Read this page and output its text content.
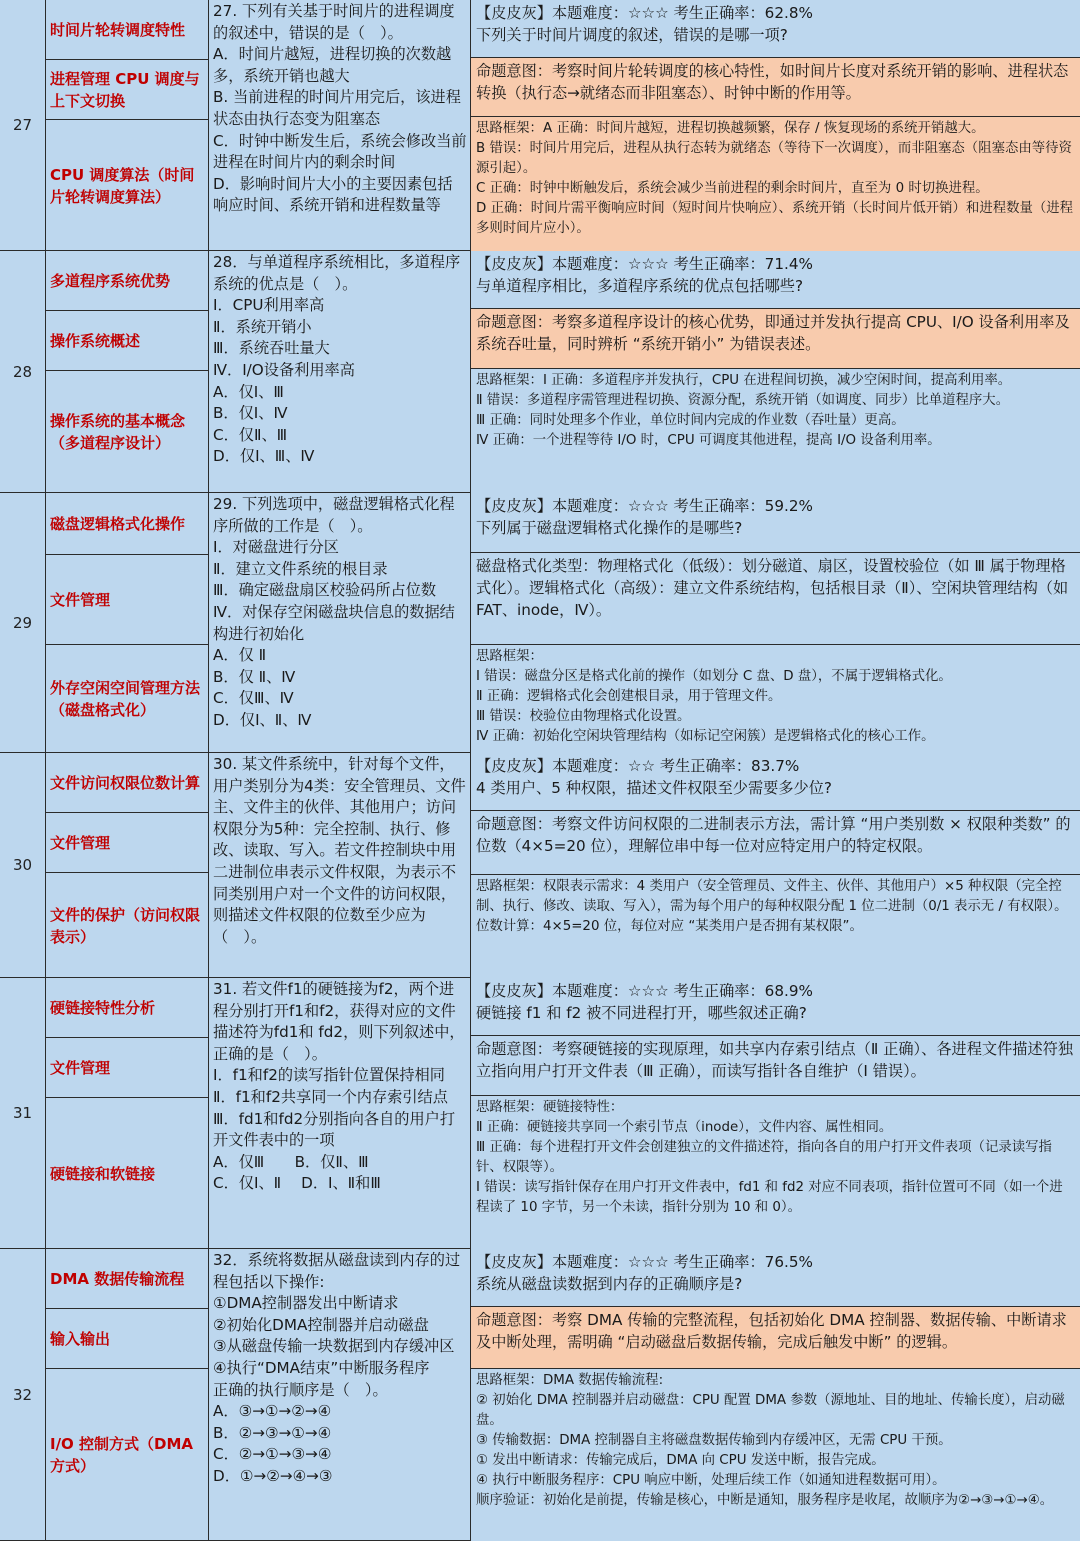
27
时间片轮转调度特性
进程管理 CPU 调度与上下文切换
CPU 调度算法（时间片轮转调度算法）
27. 下列有关基于时间片的进程调度的叙述中，错误的是（　）。
A．时间片越短，进程切换的次数越多，系统开销也越大
B. 当前进程的时间片用完后，该进程状态由执行态变为阻塞态
C．时钟中断发生后，系统会修改当前进程在时间片内的剩余时间
D．影响时间片大小的主要因素包括响应时间、系统开销和进程数量等
【皮皮灰】本题难度：☆☆☆ 考生正确率：62.8%
下列关于时间片调度的叙述，错误的是哪一项?
命题意图：考察时间片轮转调度的核心特性，如时间片长度对系统开销的影响、进程状态转换（执行态→就绪态而非阻塞态）、时钟中断的作用等。
思路框架：A 正确：时间片越短，进程切换越频繁，保存 / 恢复现场的系统开销越大。
B 错误：时间片用完后，进程从执行态转为就绪态（等待下一次调度），而非阻塞态（阻塞态由等待资源引起）。
C 正确：时钟中断触发后，系统会减少当前进程的剩余时间片，直至为 0 时切换进程。
D 正确：时间片需平衡响应时间（短时间片快响应）、系统开销（长时间片低开销）和进程数量（进程多则时间片应小）。
28
多道程序系统优势
操作系统概述
操作系统的基本概念（多道程序设计）
28．与单道程序系统相比，多道程序系统的优点是（　）。
Ⅰ．CPU利用率高
Ⅱ．系统开销小
Ⅲ．系统吞吐量大
Ⅳ．I/O设备利用率高
A．仅Ⅰ、Ⅲ
B．仅Ⅰ、Ⅳ
C．仅Ⅱ、Ⅲ
D．仅Ⅰ、Ⅲ、Ⅳ
【皮皮灰】本题难度：☆☆☆ 考生正确率：71.4%
与单道程序相比，多道程序系统的优点包括哪些?
命题意图：考察多道程序设计的核心优势，即通过并发执行提高 CPU、I/O 设备利用率及系统吞吐量，同时辨析 “系统开销小” 为错误表述。
思路框架：Ⅰ 正确：多道程序并发执行，CPU 在进程间切换，减少空闲时间，提高利用率。
Ⅱ 错误：多道程序需管理进程切换、资源分配，系统开销（如调度、同步）比单道程序大。
Ⅲ 正确：同时处理多个作业，单位时间内完成的作业数（吞吐量）更高。
Ⅳ 正确：一个进程等待 I/O 时，CPU 可调度其他进程，提高 I/O 设备利用率。
29
磁盘逻辑格式化操作
文件管理
外存空闲空间管理方法（磁盘格式化）
29. 下列选项中，磁盘逻辑格式化程序所做的工作是（　）。
Ⅰ．对磁盘进行分区
Ⅱ．建立文件系统的根目录
Ⅲ．确定磁盘扇区校验码所占位数
Ⅳ．对保存空闲磁盘块信息的数据结构进行初始化
A．仅 Ⅱ
B．仅 Ⅱ、Ⅳ
C．仅Ⅲ、Ⅳ
D．仅Ⅰ、Ⅱ、Ⅳ
【皮皮灰】本题难度：☆☆☆ 考生正确率：59.2%
下列属于磁盘逻辑格式化操作的是哪些?
磁盘格式化类型：物理格式化（低级）：划分磁道、扇区，设置校验位（如 Ⅲ 属于物理格式化）。逻辑格式化（高级）：建立文件系统结构，包括根目录（Ⅱ）、空闲块管理结构（如 FAT、inode，Ⅳ）。
思路框架：
Ⅰ 错误：磁盘分区是格式化前的操作（如划分 C 盘、D 盘），不属于逻辑格式化。
Ⅱ 正确：逻辑格式化会创建根目录，用于管理文件。
Ⅲ 错误：校验位由物理格式化设置。
Ⅳ 正确：初始化空闲块管理结构（如标记空闲簇）是逻辑格式化的核心工作。
30
文件访问权限位数计算
文件管理
文件的保护（访问权限表示）
30. 某文件系统中，针对每个文件，用户类别分为4类：安全管理员、文件主、文件主的伙伴、其他用户；访问权限分为5种：完全控制、执行、修改、读取、写入。若文件控制块中用二进制位串表示文件权限，为表示不同类别用户对一个文件的访问权限，则描述文件权限的位数至少应为（　）。
【皮皮灰】本题难度：☆☆ 考生正确率：83.7%
4 类用户、5 种权限，描述文件权限至少需要多少位?
命题意图：考察文件访问权限的二进制表示方法，需计算 “用户类别数 × 权限种类数” 的位数（4×5=20 位），理解位串中每一位对应特定用户的特定权限。
思路框架：权限表示需求：4 类用户（安全管理员、文件主、伙伴、其他用户）×5 种权限（完全控制、执行、修改、读取、写入），需为每个用户的每种权限分配 1 位二进制（0/1 表示无 / 有权限）。
位数计算：4×5=20 位，每位对应 “某类用户是否拥有某权限”。
31
硬链接特性分析
文件管理
硬链接和软链接
31. 若文件f1的硬链接为f2，两个进程分别打开f1和f2，获得对应的文件描述符为fd1和 fd2，则下列叙述中，正确的是（　）。
Ⅰ．f1和f2的读写指针位置保持相同
Ⅱ．f1和f2共享同一个内存索引结点
Ⅲ．fd1和fd2分别指向各自的用户打开文件表中的一项
A．仅Ⅲ　　B．仅Ⅱ、Ⅲ
C．仅Ⅰ、Ⅱ　 D．Ⅰ、Ⅱ和Ⅲ
【皮皮灰】本题难度：☆☆☆ 考生正确率：68.9%
硬链接 f1 和 f2 被不同进程打开，哪些叙述正确?
命题意图：考察硬链接的实现原理，如共享内存索引结点（Ⅱ 正确）、各进程文件描述符独立指向用户打开文件表（Ⅲ 正确），而读写指针各自维护（Ⅰ 错误）。
思路框架：硬链接特性：
Ⅱ 正确：硬链接共享同一个索引节点（inode），文件内容、属性相同。
Ⅲ 正确：每个进程打开文件会创建独立的文件描述符，指向各自的用户打开文件表项（记录读写指针、权限等）。
Ⅰ 错误：读写指针保存在用户打开文件表中，fd1 和 fd2 对应不同表项，指针位置可不同（如一个进程读了 10 字节，另一个未读，指针分别为 10 和 0）。
32
DMA 数据传输流程
输入输出
I/O 控制方式（DMA 方式）
32．系统将数据从磁盘读到内存的过程包括以下操作:
①DMA控制器发出中断请求
②初始化DMA控制器并启动磁盘
③从磁盘传输一块数据到内存缓冲区
④执行“DMA结束”中断服务程序
正确的执行顺序是（　）。
A．③→①→②→④
B．②→③→①→④
C．②→①→③→④
D．①→②→④→③
【皮皮灰】本题难度：☆☆☆ 考生正确率：76.5%
系统从磁盘读数据到内存的正确顺序是?
命题意图：考察 DMA 传输的完整流程，包括初始化 DMA 控制器、数据传输、中断请求及中断处理，需明确 “启动磁盘后数据传输，完成后触发中断” 的逻辑。
思路框架：DMA 数据传输流程:
② 初始化 DMA 控制器并启动磁盘：CPU 配置 DMA 参数（源地址、目的地址、传输长度），启动磁盘。
③ 传输数据：DMA 控制器自主将磁盘数据传输到内存缓冲区，无需 CPU 干预。
① 发出中断请求：传输完成后，DMA 向 CPU 发送中断，报告完成。
④ 执行中断服务程序：CPU 响应中断，处理后续工作（如通知进程数据可用）。
顺序验证：初始化是前提，传输是核心，中断是通知，服务程序是收尾，故顺序为②→③→①→④。
